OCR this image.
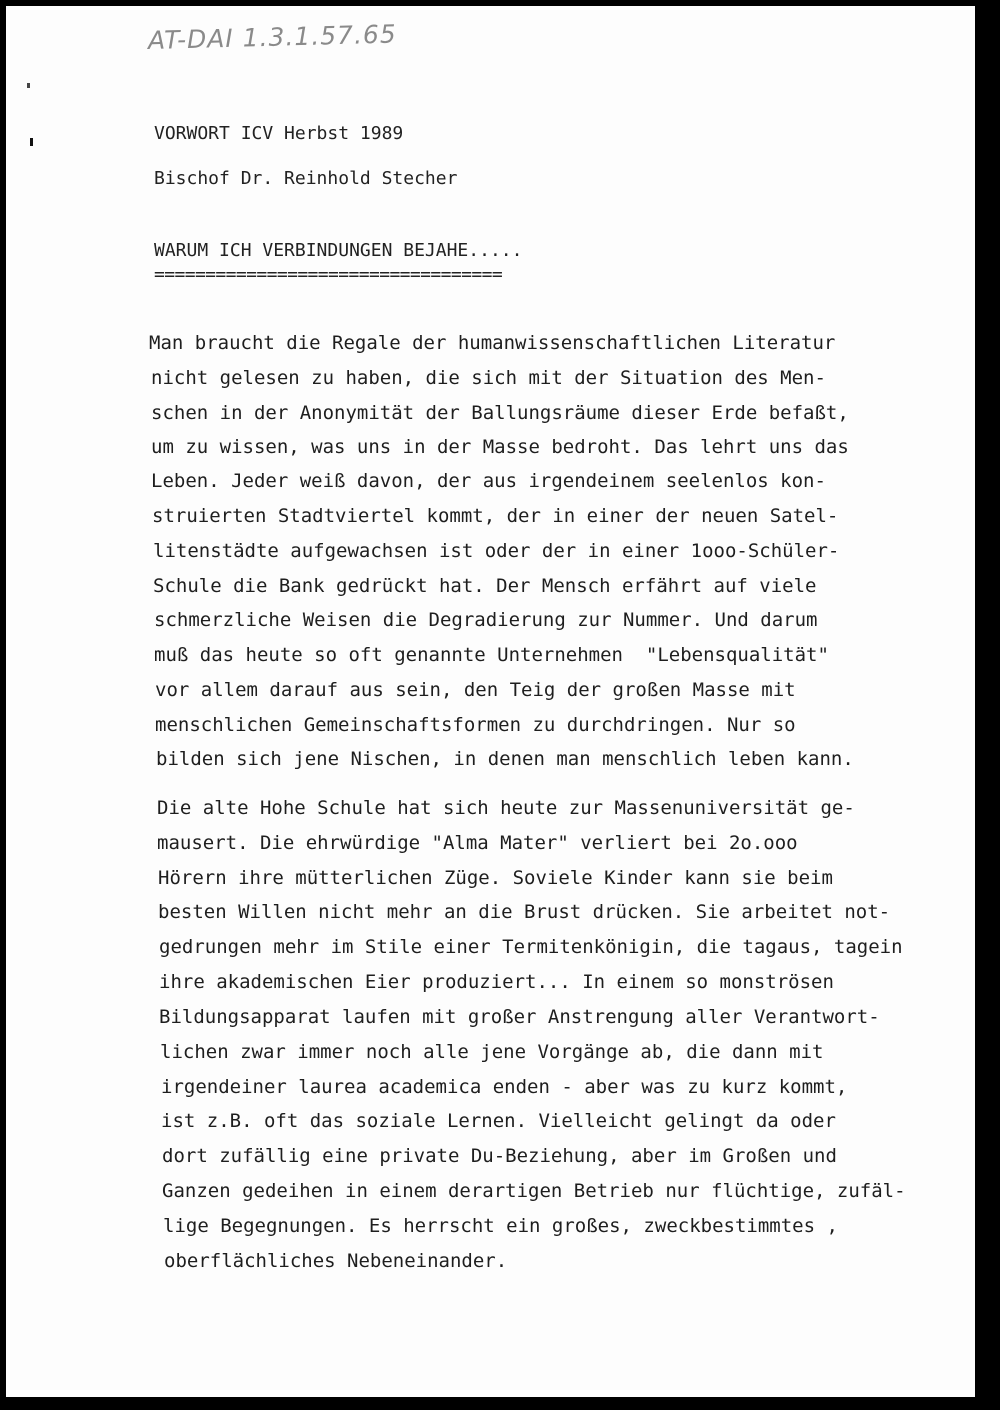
AT-DAI 1.3.1.57.65
VORWORT ICV Herbst 1989
Bischof Dr. Reinhold Stecher
WARUM ICH VERBINDUNGEN BEJAHE.....
==================================

Man braucht die Regale der humanwissenschaftlichen Literatur

nicht gelesen zu haben, die sich mit der Situation des Men-

schen in der Anonymität der Ballungsräume dieser Erde befaßt,

um zu wissen, was uns in der Masse bedroht. Das lehrt uns das

Leben. Jeder weiß davon, der aus irgendeinem seelenlos kon-

struierten Stadtviertel kommt, der in einer der neuen Satel-

litenstädte aufgewachsen ist oder der in einer 1ooo-Schüler-

Schule die Bank gedrückt hat. Der Mensch erfährt auf viele

schmerzliche Weisen die Degradierung zur Nummer. Und darum

muß das heute so oft genannte Unternehmen  "Lebensqualität"

vor allem darauf aus sein, den Teig der großen Masse mit

menschlichen Gemeinschaftsformen zu durchdringen. Nur so

bilden sich jene Nischen, in denen man menschlich leben kann.

Die alte Hohe Schule hat sich heute zur Massenuniversität ge-

mausert. Die ehrwürdige "Alma Mater" verliert bei 2o.ooo

Hörern ihre mütterlichen Züge. Soviele Kinder kann sie beim

besten Willen nicht mehr an die Brust drücken. Sie arbeitet not-

gedrungen mehr im Stile einer Termitenkönigin, die tagaus, tagein

ihre akademischen Eier produziert... In einem so monströsen

Bildungsapparat laufen mit großer Anstrengung aller Verantwort-

lichen zwar immer noch alle jene Vorgänge ab, die dann mit

irgendeiner laurea academica enden - aber was zu kurz kommt,

ist z.B. oft das soziale Lernen. Vielleicht gelingt da oder

dort zufällig eine private Du-Beziehung, aber im Großen und

Ganzen gedeihen in einem derartigen Betrieb nur flüchtige, zufäl-

lige Begegnungen. Es herrscht ein großes, zweckbestimmtes ,

oberflächliches Nebeneinander.
